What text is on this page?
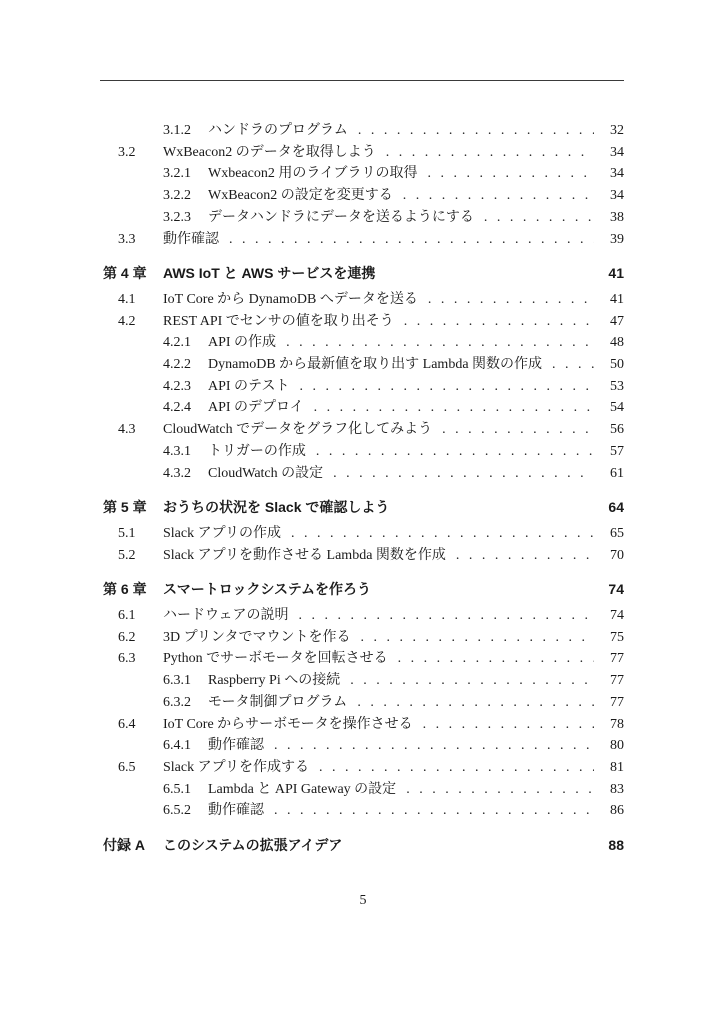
3.1.2	ハンドラのプログラム . . .	32
3.2	WxBeacon2 のデータを取得しよう . . .	34
3.2.1	Wxbeacon2 用のライブラリの取得 . . .	34
3.2.2	WxBeacon2 の設定を変更する . . .	34
3.2.3	データハンドラにデータを送るようにする . . .	38
3.3	動作確認 . . .	39
第 4 章	AWS IoT と AWS サービスを連携	41
4.1	IoT Core から DynamoDB へデータを送る . . .	41
4.2	REST API でセンサの値を取り出そう . . .	47
4.2.1	API の作成 . . .	48
4.2.2	DynamoDB から最新値を取り出す Lambda 関数の作成 . . .	50
4.2.3	API のテスト . . .	53
4.2.4	API のデプロイ . . .	54
4.3	CloudWatch でデータをグラフ化してみよう . . .	56
4.3.1	トリガーの作成 . . .	57
4.3.2	CloudWatch の設定 . . .	61
第 5 章	おうちの状況を Slack で確認しよう	64
5.1	Slack アプリの作成 . . .	65
5.2	Slack アプリを動作させる Lambda 関数を作成 . . .	70
第 6 章	スマートロックシステムを作ろう	74
6.1	ハードウェアの説明 . . .	74
6.2	3D プリンタでマウントを作る . . .	75
6.3	Python でサーボモータを回転させる . . .	77
6.3.1	Raspberry Pi への接続 . . .	77
6.3.2	モータ制御プログラム . . .	77
6.4	IoT Core からサーボモータを操作させる . . .	78
6.4.1	動作確認 . . .	80
6.5	Slack アプリを作成する . . .	81
6.5.1	Lambda と API Gateway の設定 . . .	83
6.5.2	動作確認 . . .	86
付録 A	このシステムの拡張アイデア	88
5
